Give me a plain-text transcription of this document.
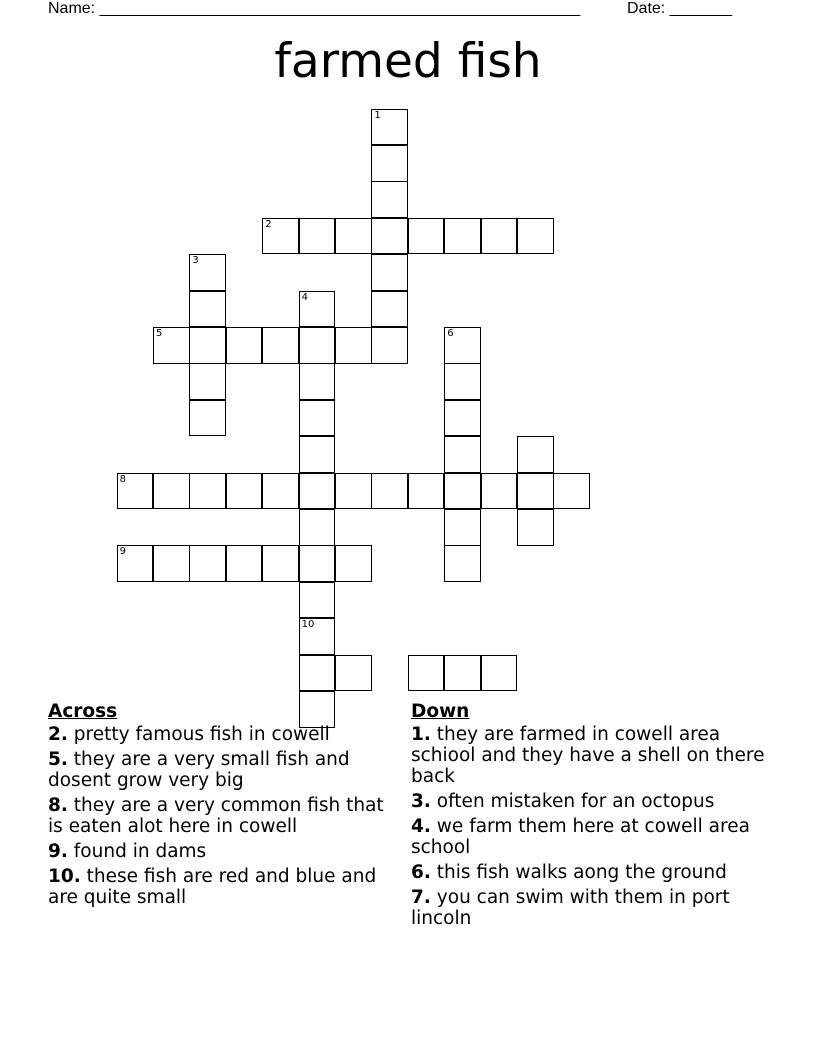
Name: ______________________________________________________	Date: _______
farmed fish
1
2
3
5
4
10
6
8
9
Across
2. pretty famous fish in cowell
5. they are a very small fish and dosent grow very big
8. they are a very common fish that is eaten alot here in cowell
9. found in dams
10. these fish are red and blue and are quite small
Down
1. they are farmed in cowell area schiool and they have a shell on there back
3. often mistaken for an octopus
4. we farm them here at cowell area school
6. this fish walks aong the ground
7. you can swim with them in port lincoln
